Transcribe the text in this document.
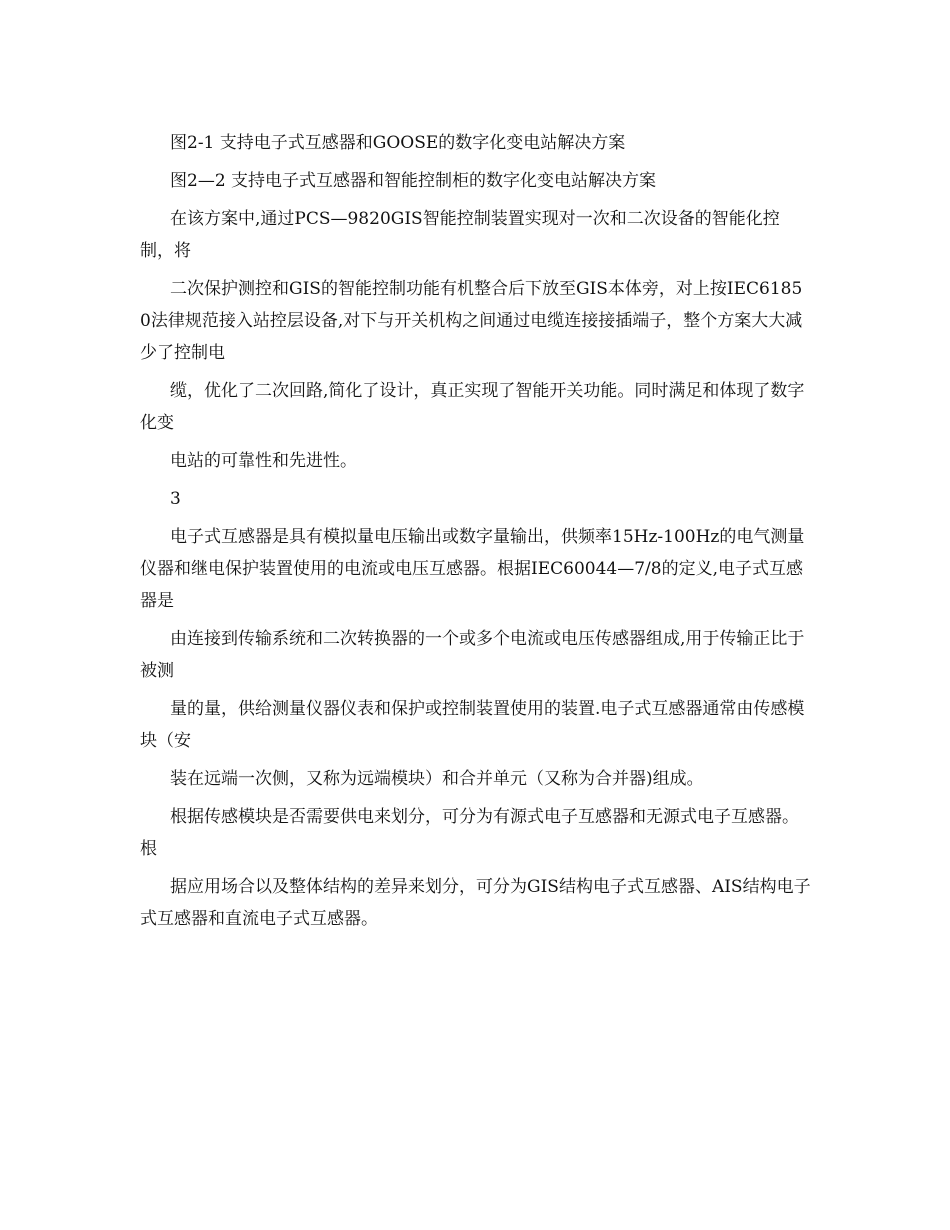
图2-1 支持电子式互感器和GOOSE的数字化变电站解决方案

图2—2 支持电子式互感器和智能控制柜的数字化变电站解决方案

在该方案中,通过PCS—9820GIS智能控制装置实现对一次和二次设备的智能化控制，将

二次保护测控和GIS的智能控制功能有机整合后下放至GIS本体旁，对上按IEC61850法律规范接入站控层设备,对下与开关机构之间通过电缆连接接插端子，整个方案大大减少了控制电

缆，优化了二次回路,简化了设计，真正实现了智能开关功能。同时满足和体现了数字化变

电站的可靠性和先进性。

3

电子式互感器是具有模拟量电压输出或数字量输出，供频率15Hz-100Hz的电气测量仪器和继电保护装置使用的电流或电压互感器。根据IEC60044—7/8的定义,电子式互感器是

由连接到传输系统和二次转换器的一个或多个电流或电压传感器组成,用于传输正比于被测

量的量，供给测量仪器仪表和保护或控制装置使用的装置.电子式互感器通常由传感模块（安

装在远端一次侧，又称为远端模块）和合并单元（又称为合并器)组成。

根据传感模块是否需要供电来划分，可分为有源式电子互感器和无源式电子互感器。根

据应用场合以及整体结构的差异来划分，可分为GIS结构电子式互感器、AIS结构电子式互感器和直流电子式互感器。
